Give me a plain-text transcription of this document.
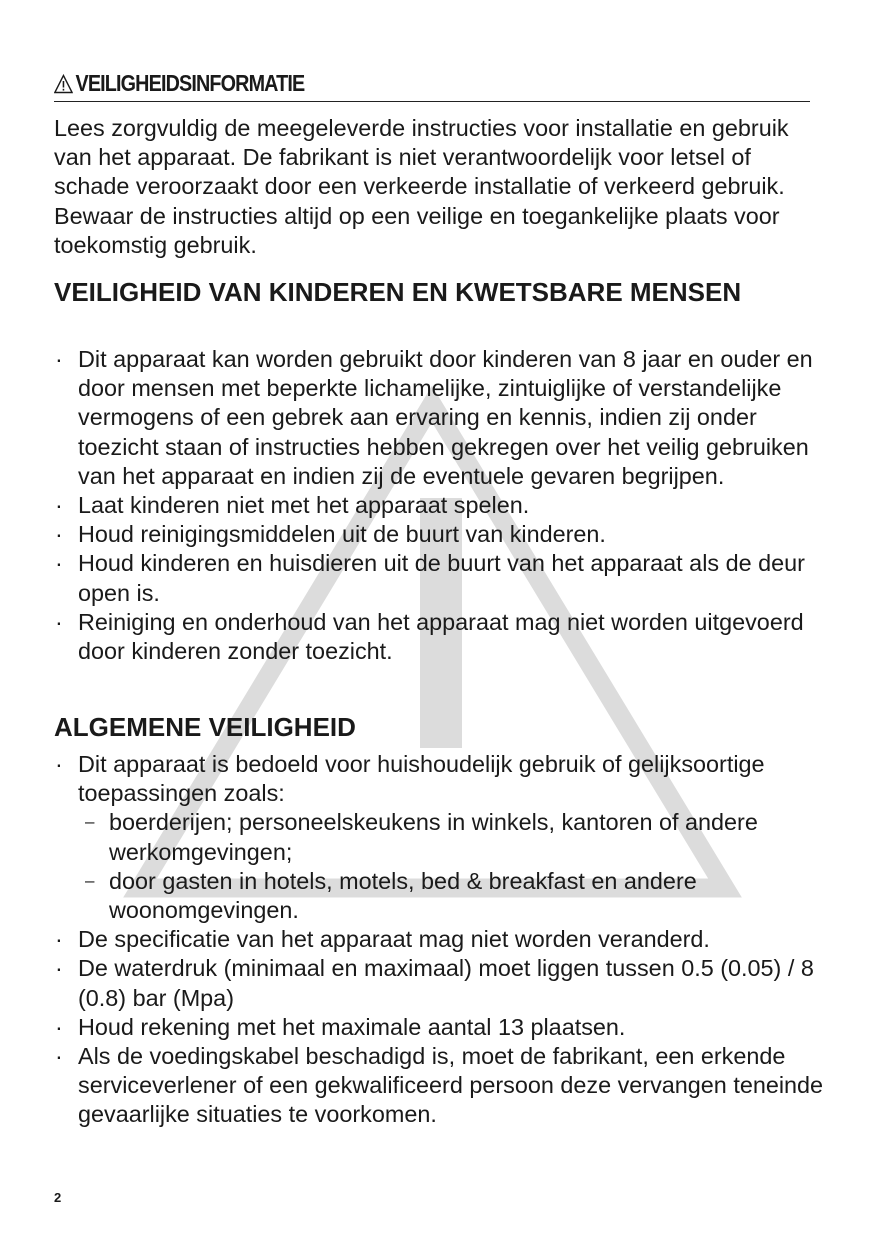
VEILIGHEIDSINFORMATIE

Lees zorgvuldig de meegeleverde instructies voor installatie en gebruik van het apparaat. De fabrikant is niet verantwoordelijk voor letsel of schade veroorzaakt door een verkeerde installatie of verkeerd gebruik. Bewaar de instructies altijd op een veilige en toegankelijke plaats voor toekomstig gebruik.

VEILIGHEID VAN KINDEREN EN KWETSBARE MENSEN
· Dit apparaat kan worden gebruikt door kinderen van 8 jaar en ouder en door mensen met beperkte lichamelijke, zintuiglijke of verstandelijke vermogens of een gebrek aan ervaring en kennis, indien zij onder toezicht staan of instructies hebben gekregen over het veilig gebruiken van het apparaat en indien zij de eventuele gevaren begrijpen.
· Laat kinderen niet met het apparaat spelen.
· Houd reinigingsmiddelen uit de buurt van kinderen.
· Houd kinderen en huisdieren uit de buurt van het apparaat als de deur open is.
· Reiniging en onderhoud van het apparaat mag niet worden uitgevoerd door kinderen zonder toezicht.
ALGEMENE VEILIGHEID
· Dit apparaat is bedoeld voor huishoudelijk gebruik of gelijksoortige toepassingen zoals:
– boerderijen; personeelskeukens in winkels, kantoren of andere werkomgevingen;
– door gasten in hotels, motels, bed & breakfast en andere woonomgevingen.
· De specificatie van het apparaat mag niet worden veranderd.
· De waterdruk (minimaal en maximaal) moet liggen tussen 0.5 (0.05) / 8 (0.8) bar (Mpa)
· Houd rekening met het maximale aantal 13 plaatsen.
· Als de voedingskabel beschadigd is, moet de fabrikant, een erkende serviceverlener of een gekwalificeerd persoon deze vervangen teneinde gevaarlijke situaties te voorkomen.
2
